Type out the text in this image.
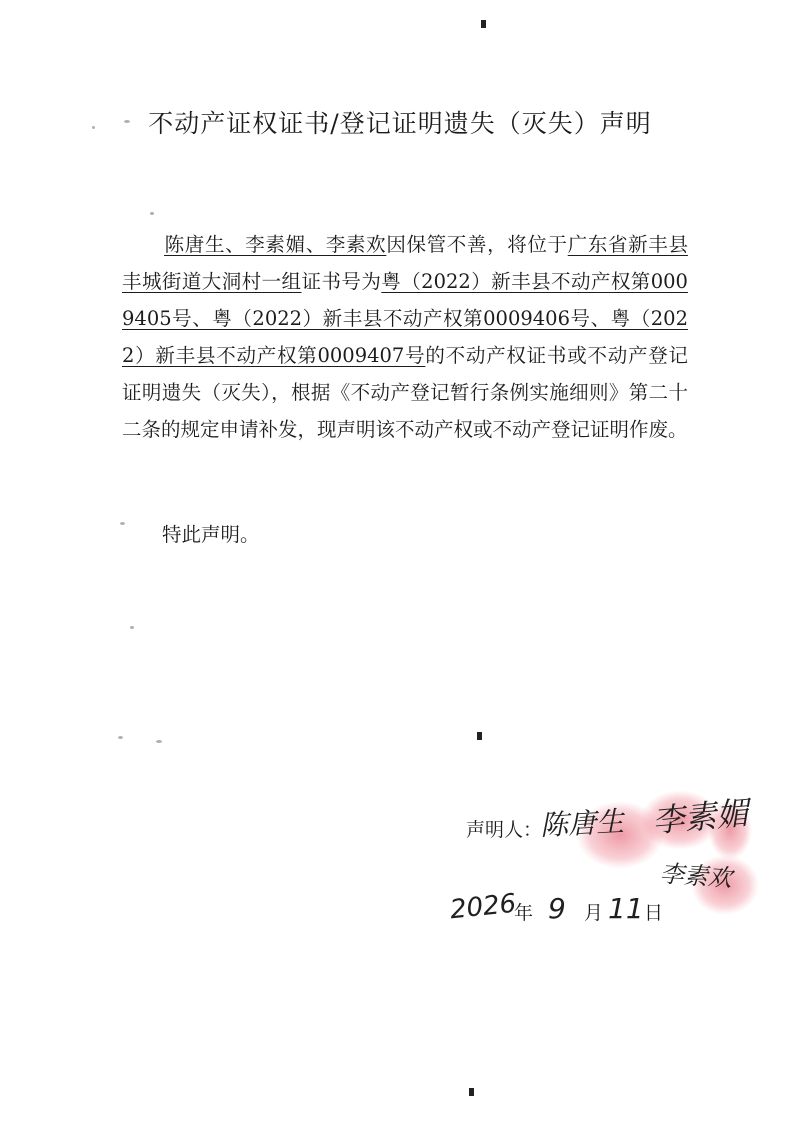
不动产证权证书/登记证明遗失（灭失）声明
陈唐生、李素媚、李素欢因保管不善，将位于广东省新丰县丰城街道大洞村一组证书号为粤（2022）新丰县不动产权第0009405号、粤（2022）新丰县不动产权第0009406号、粤（2022）新丰县不动产权第0009407号的不动产权证书或不动产登记证明遗失（灭失），根据《不动产登记暂行条例实施细则》第二十二条的规定申请补发，现声明该不动产权或不动产登记证明作废。
特此声明。
声明人：
陈唐生 李素媚
李素欢
2026
年 9 月 11 日
